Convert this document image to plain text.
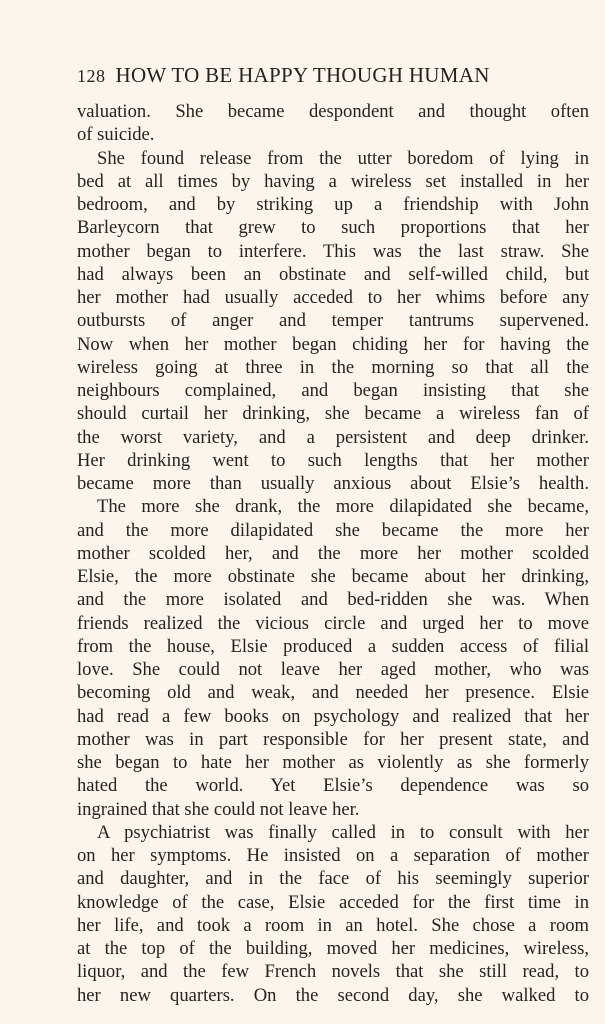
128 HOW TO BE HAPPY THOUGH HUMAN
valuation. She became despondent and thought often
of suicide.
She found release from the utter boredom of lying in
bed at all times by having a wireless set installed in her
bedroom, and by striking up a friendship with John
Barleycorn that grew to such proportions that her
mother began to interfere. This was the last straw. She
had always been an obstinate and self-willed child, but
her mother had usually acceded to her whims before any
outbursts of anger and temper tantrums supervened.
Now when her mother began chiding her for having the
wireless going at three in the morning so that all the
neighbours complained, and began insisting that she
should curtail her drinking, she became a wireless fan of
the worst variety, and a persistent and deep drinker.
Her drinking went to such lengths that her mother
became more than usually anxious about Elsie’s health.
The more she drank, the more dilapidated she became,
and the more dilapidated she became the more her
mother scolded her, and the more her mother scolded
Elsie, the more obstinate she became about her drinking,
and the more isolated and bed-ridden she was. When
friends realized the vicious circle and urged her to move
from the house, Elsie produced a sudden access of filial
love. She could not leave her aged mother, who was
becoming old and weak, and needed her presence. Elsie
had read a few books on psychology and realized that her
mother was in part responsible for her present state, and
she began to hate her mother as violently as she formerly
hated the world. Yet Elsie’s dependence was so
ingrained that she could not leave her.
A psychiatrist was finally called in to consult with her
on her symptoms. He insisted on a separation of mother
and daughter, and in the face of his seemingly superior
knowledge of the case, Elsie acceded for the first time in
her life, and took a room in an hotel. She chose a room
at the top of the building, moved her medicines, wireless,
liquor, and the few French novels that she still read, to
her new quarters. On the second day, she walked to
